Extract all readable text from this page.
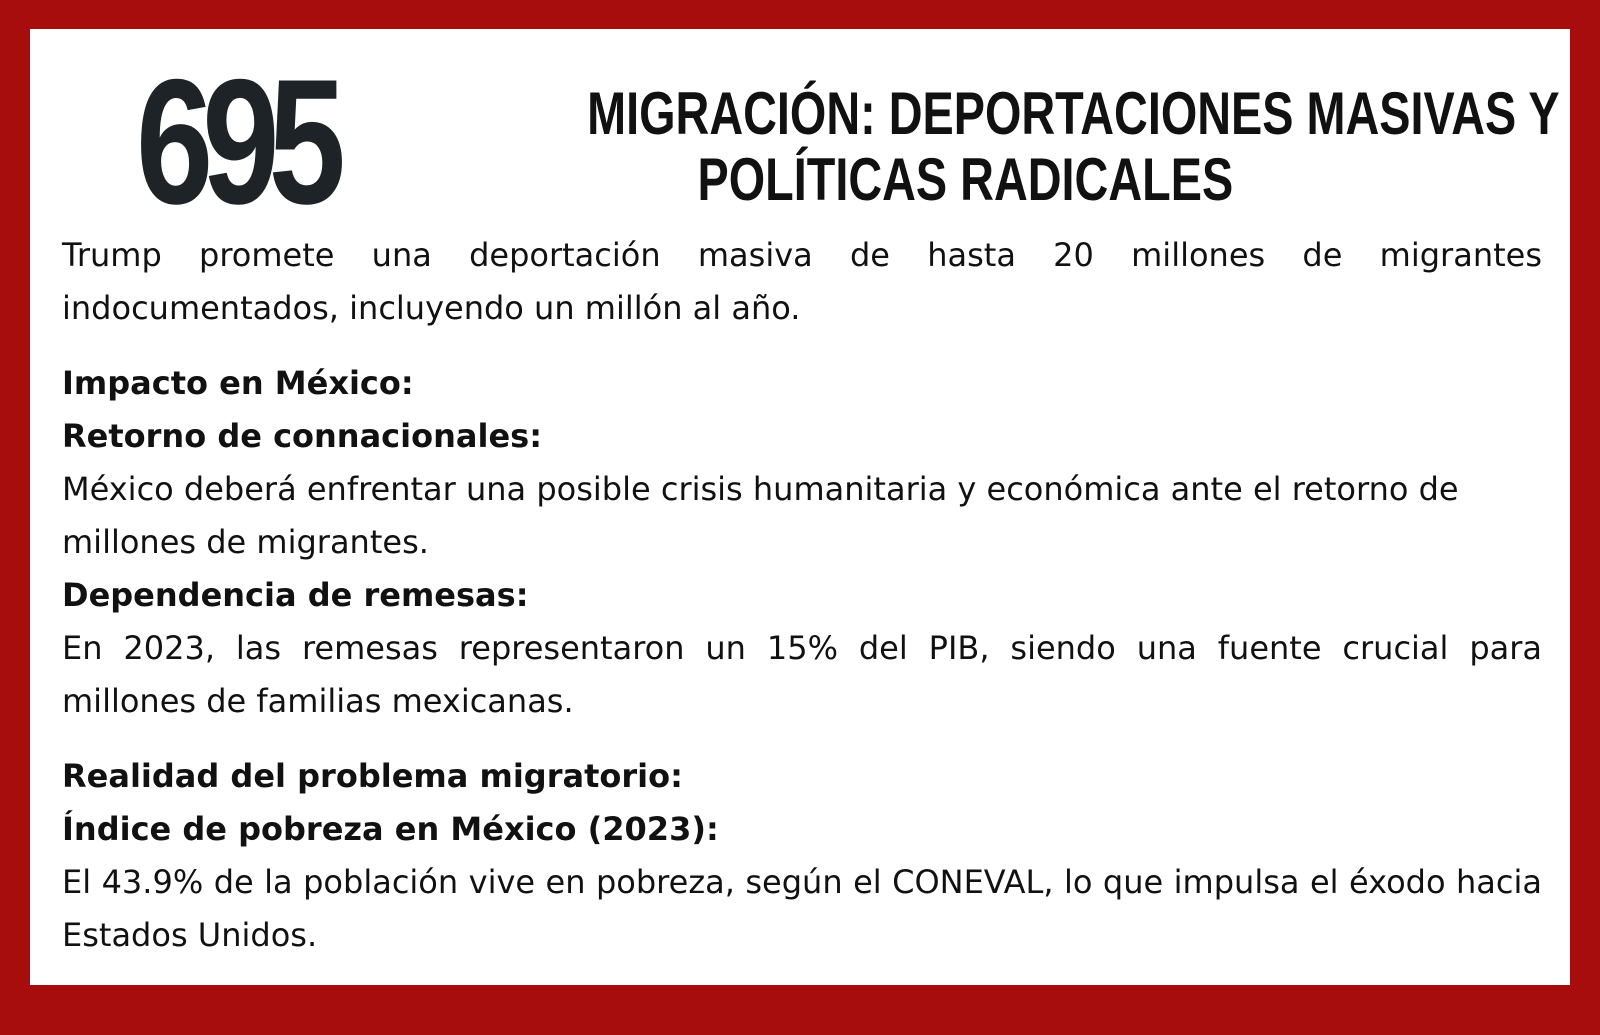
695	MIGRACIÓN: DEPORTACIONES MASIVAS Y
POLÍTICAS RADICALES

Trump promete una deportación masiva de hasta 20 millones de migrantes indocumentados, incluyendo un millón al año.

Impacto en México:

Retorno de connacionales:

México deberá enfrentar una posible crisis humanitaria y económica ante el retorno de millones de migrantes.

Dependencia de remesas:

En 2023, las remesas representaron un 15% del PIB, siendo una fuente crucial para millones de familias mexicanas.

Realidad del problema migratorio:

Índice de pobreza en México (2023):

El 43.9% de la población vive en pobreza, según el CONEVAL, lo que impulsa el éxodo hacia Estados Unidos.
